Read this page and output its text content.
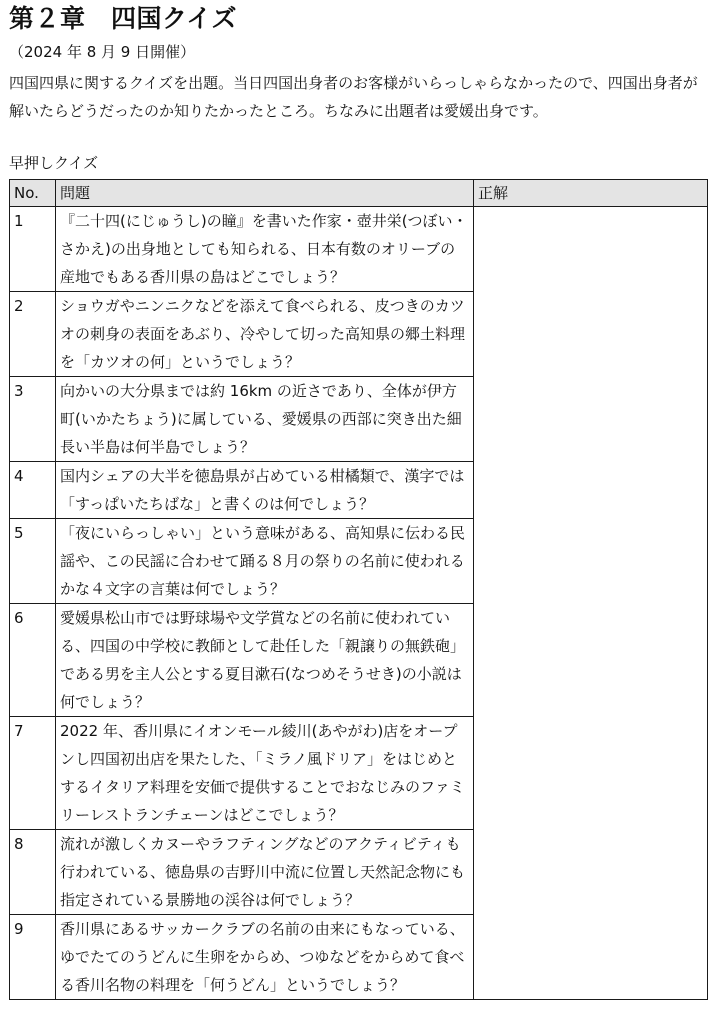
第２章　四国クイズ
（2024 年 8 月 9 日開催）
四国四県に関するクイズを出題。当日四国出身者のお客様がいらっしゃらなかったので、四国出身者が解いたらどうだったのか知りたかったところ。ちなみに出題者は愛媛出身です。
早押しクイズ
No.	問題	正解
1	『二十四(にじゅうし)の瞳』を書いた作家・壺井栄(つぼい・さかえ)の出身地としても知られる、日本有数のオリーブの産地でもある香川県の島はどこでしょう？	
2	ショウガやニンニクなどを添えて食べられる、皮つきのカツオの刺身の表面をあぶり、冷やして切った高知県の郷土料理を「カツオの何」というでしょう？	
3	向かいの大分県までは約 16km の近さであり、全体が伊方町(いかたちょう)に属している、愛媛県の西部に突き出た細長い半島は何半島でしょう？	
4	国内シェアの大半を徳島県が占めている柑橘類で、漢字では「すっぱいたちばな」と書くのは何でしょう？	
5	「夜にいらっしゃい」という意味がある、高知県に伝わる民謡や、この民謡に合わせて踊る８月の祭りの名前に使われるかな４文字の言葉は何でしょう？	
6	愛媛県松山市では野球場や文学賞などの名前に使われている、四国の中学校に教師として赴任した「親譲りの無鉄砲」である男を主人公とする夏目漱石(なつめそうせき)の小説は何でしょう？	
7	2022 年、香川県にイオンモール綾川(あやがわ)店をオープンし四国初出店を果たした、「ミラノ風ドリア」をはじめとするイタリア料理を安価で提供することでおなじみのファミリーレストランチェーンはどこでしょう？	
8	流れが激しくカヌーやラフティングなどのアクティビティも行われている、徳島県の吉野川中流に位置し天然記念物にも指定されている景勝地の渓谷は何でしょう？	
9	香川県にあるサッカークラブの名前の由来にもなっている、ゆでたてのうどんに生卵をからめ、つゆなどをからめて食べる香川名物の料理を「何うどん」というでしょう？	
